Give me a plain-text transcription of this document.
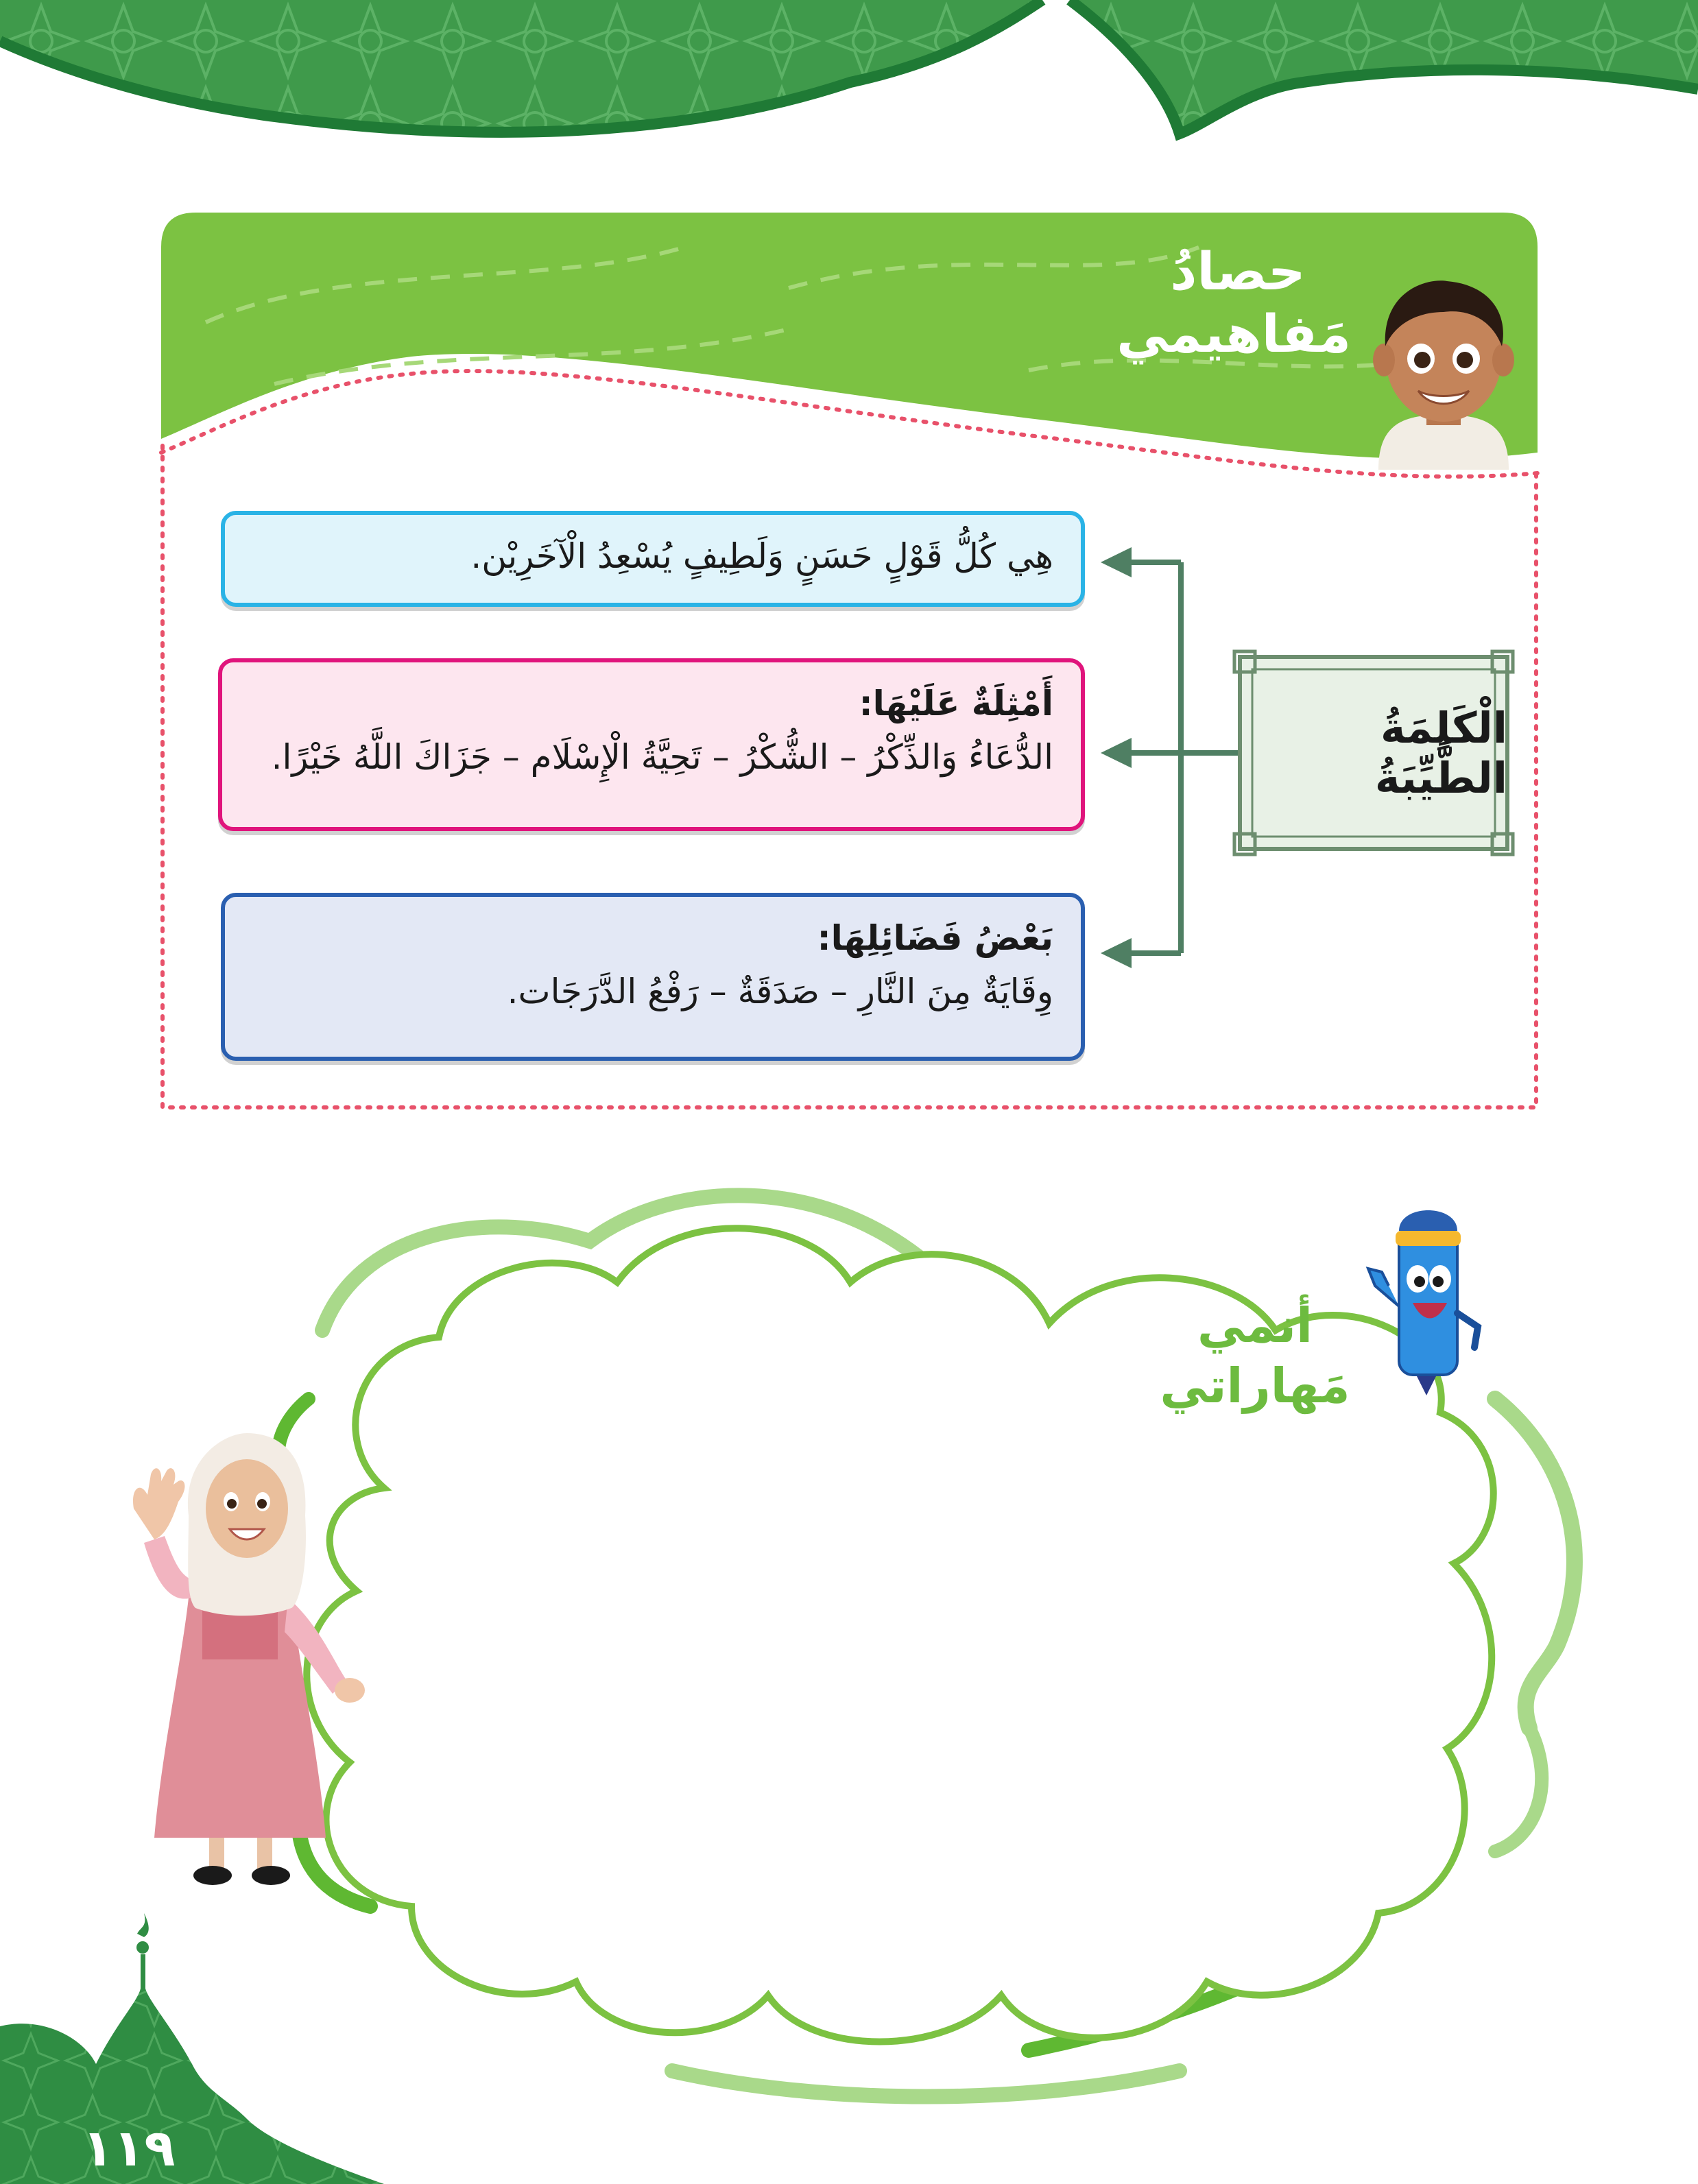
حصادُ
مَفاهيمي
هِي كُلُّ قَوْلٍ حَسَنٍ وَلَطِيفٍ يُسْعِدُ الْآخَرِيْن.
أَمْثِلَةٌ عَلَيْهَا:
الدُّعَاءُ وَالذِّكْرُ – الشُّكْرُ – تَحِيَّةُ الْإِسْلَام – جَزَاكَ اللَّهُ خَيْرًا.
بَعْضُ فَضَائِلِهَا:
وِقَايَةٌ مِنَ النَّارِ – صَدَقَةٌ – رَفْعُ الدَّرَجَات.
الْكَلِمَةُ الطَّيِّبَةُ
أنمي
مَهاراتي
١١٩
